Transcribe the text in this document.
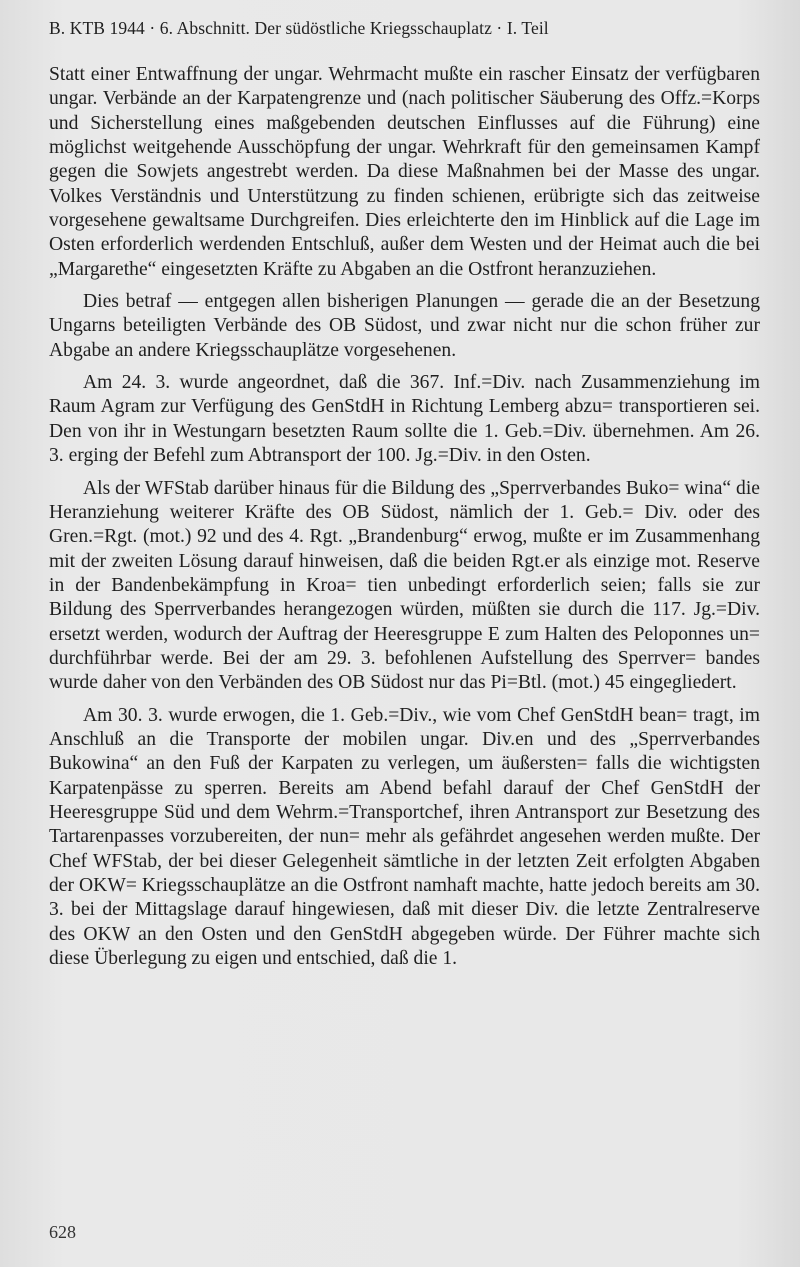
B. KTB 1944 · 6. Abschnitt. Der südöstliche Kriegsschauplatz · I. Teil

Statt einer Entwaffnung der ungar. Wehrmacht mußte ein rascher Einsatz der verfügbaren ungar. Verbände an der Karpatengrenze und (nach politischer Säuberung des Offz.=Korps und Sicherstellung eines maßgebenden deutschen Einflusses auf die Führung) eine möglichst weitgehende Ausschöpfung der ungar. Wehrkraft für den gemeinsamen Kampf gegen die Sowjets angestrebt werden. Da diese Maßnahmen bei der Masse des ungar. Volkes Verständnis und Unterstützung zu finden schienen, erübrigte sich das zeitweise vorgesehene gewaltsame Durchgreifen. Dies erleichterte den im Hinblick auf die Lage im Osten erforderlich werdenden Entschluß, außer dem Westen und der Heimat auch die bei „Margarethe“ eingesetzten Kräfte zu Abgaben an die Ostfront heranzuziehen.

Dies betraf — entgegen allen bisherigen Planungen — gerade die an der Besetzung Ungarns beteiligten Verbände des OB Südost, und zwar nicht nur die schon früher zur Abgabe an andere Kriegsschauplätze vorgesehenen.

Am 24. 3. wurde angeordnet, daß die 367. Inf.=Div. nach Zusammenziehung im Raum Agram zur Verfügung des GenStdH in Richtung Lemberg abzu= transportieren sei. Den von ihr in Westungarn besetzten Raum sollte die 1. Geb.=Div. übernehmen. Am 26. 3. erging der Befehl zum Abtransport der 100. Jg.=Div. in den Osten.

Als der WFStab darüber hinaus für die Bildung des „Sperrverbandes Buko= wina“ die Heranziehung weiterer Kräfte des OB Südost, nämlich der 1. Geb.= Div. oder des Gren.=Rgt. (mot.) 92 und des 4. Rgt. „Brandenburg“ erwog, mußte er im Zusammenhang mit der zweiten Lösung darauf hinweisen, daß die beiden Rgt.er als einzige mot. Reserve in der Bandenbekämpfung in Kroa= tien unbedingt erforderlich seien; falls sie zur Bildung des Sperrverbandes herangezogen würden, müßten sie durch die 117. Jg.=Div. ersetzt werden, wodurch der Auftrag der Heeresgruppe E zum Halten des Peloponnes un= durchführbar werde. Bei der am 29. 3. befohlenen Aufstellung des Sperrver= bandes wurde daher von den Verbänden des OB Südost nur das Pi=Btl. (mot.) 45 eingegliedert.

Am 30. 3. wurde erwogen, die 1. Geb.=Div., wie vom Chef GenStdH bean= tragt, im Anschluß an die Transporte der mobilen ungar. Div.en und des „Sperrverbandes Bukowina“ an den Fuß der Karpaten zu verlegen, um äußersten= falls die wichtigsten Karpatenpässe zu sperren. Bereits am Abend befahl darauf der Chef GenStdH der Heeresgruppe Süd und dem Wehrm.=Transportchef, ihren Antransport zur Besetzung des Tartarenpasses vorzubereiten, der nun= mehr als gefährdet angesehen werden mußte. Der Chef WFStab, der bei dieser Gelegenheit sämtliche in der letzten Zeit erfolgten Abgaben der OKW= Kriegsschauplätze an die Ostfront namhaft machte, hatte jedoch bereits am 30. 3. bei der Mittagslage darauf hingewiesen, daß mit dieser Div. die letzte Zentralreserve des OKW an den Osten und den GenStdH abgegeben würde. Der Führer machte sich diese Überlegung zu eigen und entschied, daß die 1.

628
